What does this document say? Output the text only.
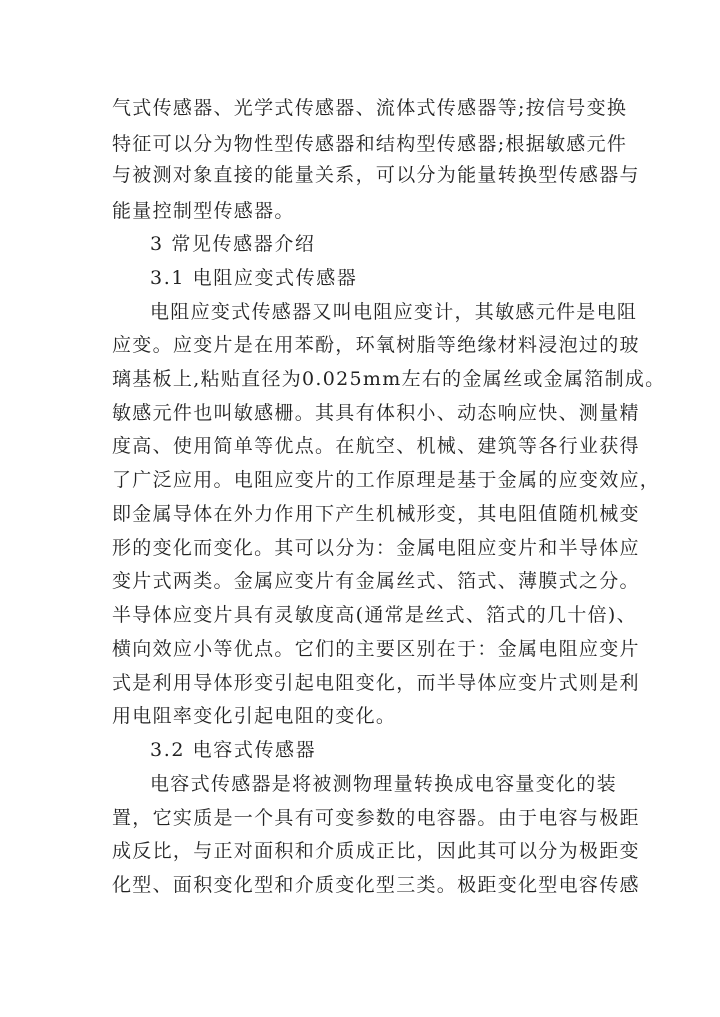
气式传感器、光学式传感器、流体式传感器等;按信号变换
特征可以分为物性型传感器和结构型传感器;根据敏感元件
与被测对象直接的能量关系，可以分为能量转换型传感器与
能量控制型传感器。
3 常见传感器介绍
3.1 电阻应变式传感器
电阻应变式传感器又叫电阻应变计，其敏感元件是电阻
应变。应变片是在用苯酚，环氧树脂等绝缘材料浸泡过的玻
璃基板上,粘贴直径为0.025mm左右的金属丝或金属箔制成。
敏感元件也叫敏感栅。其具有体积小、动态响应快、测量精
度高、使用简单等优点。在航空、机械、建筑等各行业获得
了广泛应用。电阻应变片的工作原理是基于金属的应变效应，
即金属导体在外力作用下产生机械形变，其电阻值随机械变
形的变化而变化。其可以分为：金属电阻应变片和半导体应
变片式两类。金属应变片有金属丝式、箔式、薄膜式之分。
半导体应变片具有灵敏度高(通常是丝式、箔式的几十倍)、
横向效应小等优点。它们的主要区别在于：金属电阻应变片
式是利用导体形变引起电阻变化，而半导体应变片式则是利
用电阻率变化引起电阻的变化。
3.2 电容式传感器
电容式传感器是将被测物理量转换成电容量变化的装
置，它实质是一个具有可变参数的电容器。由于电容与极距
成反比，与正对面积和介质成正比，因此其可以分为极距变
化型、面积变化型和介质变化型三类。极距变化型电容传感
